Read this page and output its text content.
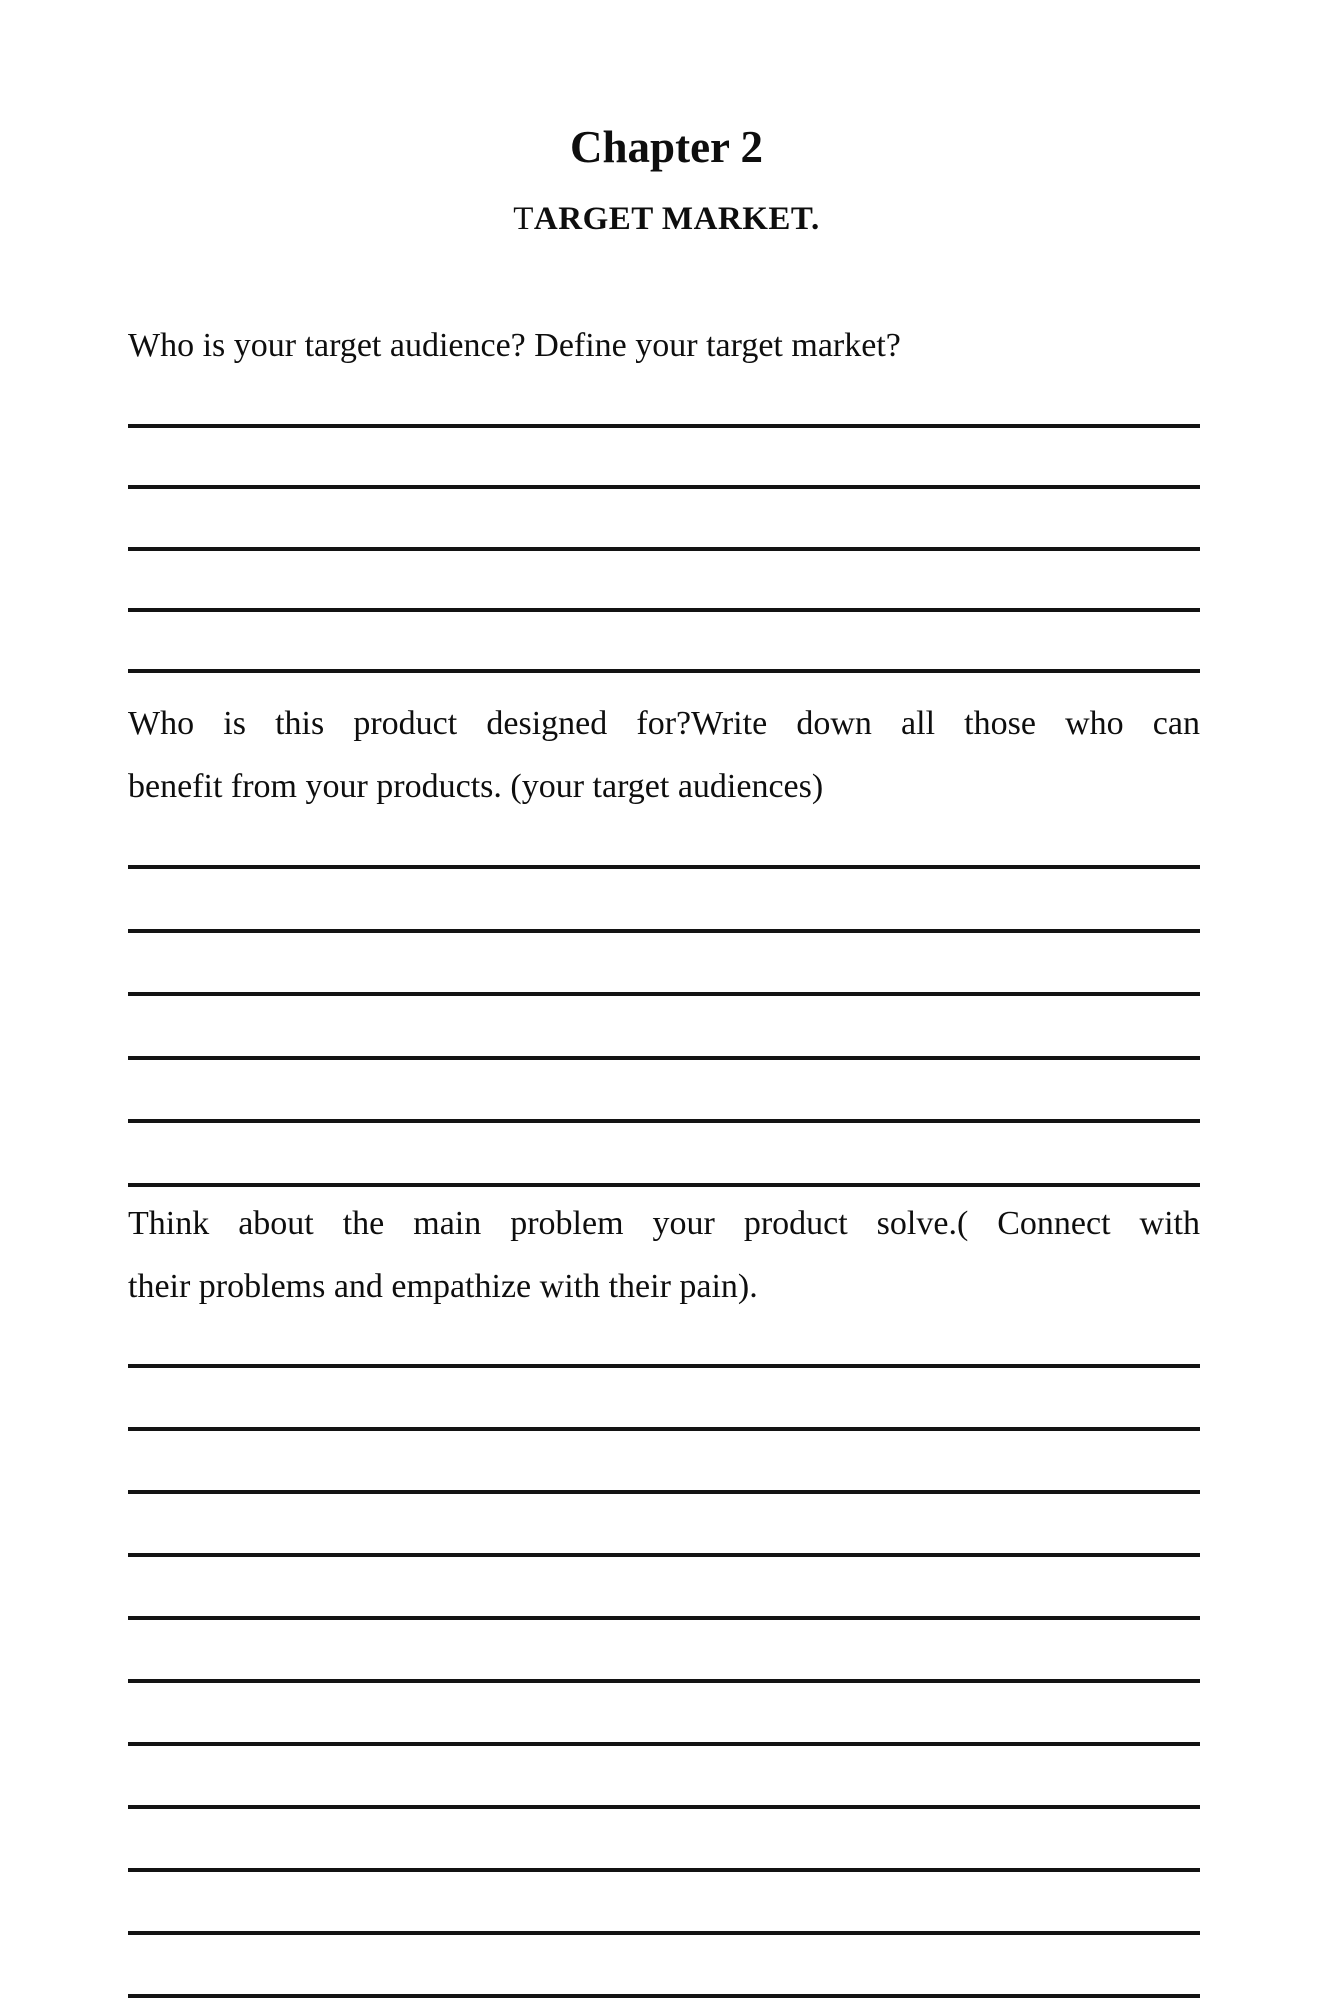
Chapter 2
TARGET MARKET.
Who is your target audience? Define your target market?
Who is this product designed for?Write down all those who can
benefit from your products. (your target audiences)
Think about the main problem your product solve.( Connect with
their problems and empathize with their pain).
